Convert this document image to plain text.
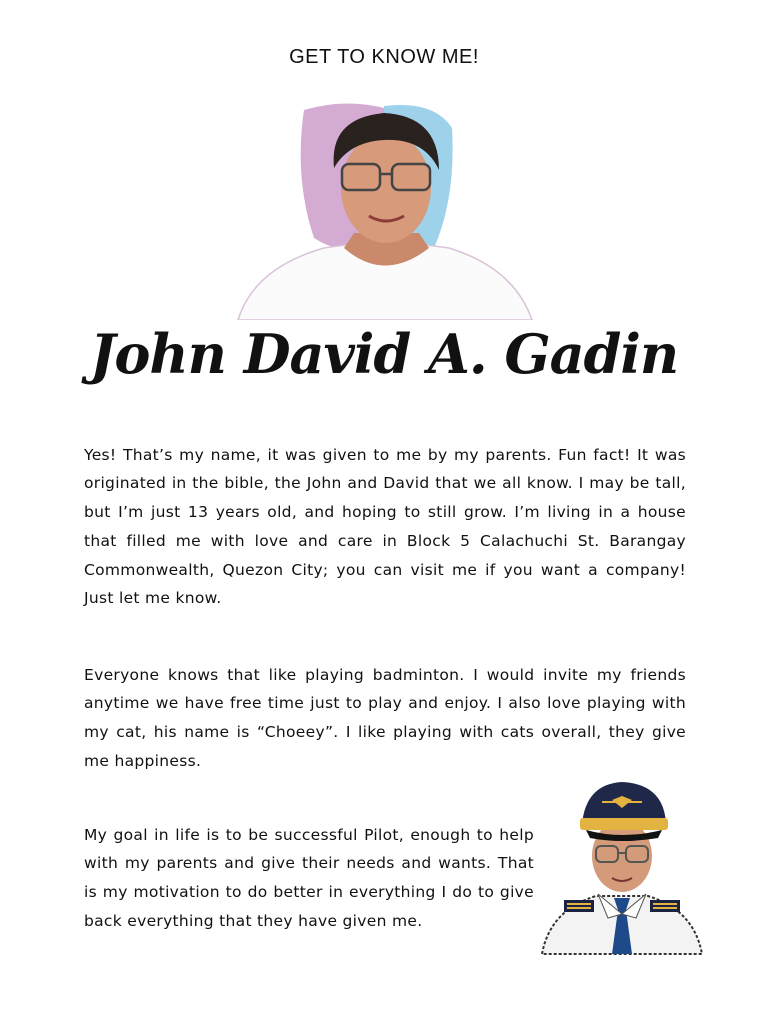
GET TO KNOW ME!
John David A. Gadin

Yes! That’s my name, it was given to me by my parents. Fun fact! It was originated in the bible, the John and David that we all know. I may be tall, but I’m just 13 years old, and hoping to still grow. I’m living in a house that filled me with love and care in Block 5 Calachuchi St. Barangay Commonwealth, Quezon City; you can visit me if you want a company! Just let me know.

Everyone knows that like playing badminton. I would invite my friends anytime we have free time just to play and enjoy. I also love playing with my cat, his name is “Choeey”. I like playing with cats overall, they give me happiness.

My goal in life is to be successful Pilot, enough to help with my parents and give their needs and wants. That is my motivation to do better in everything I do to give back everything that they have given me.
